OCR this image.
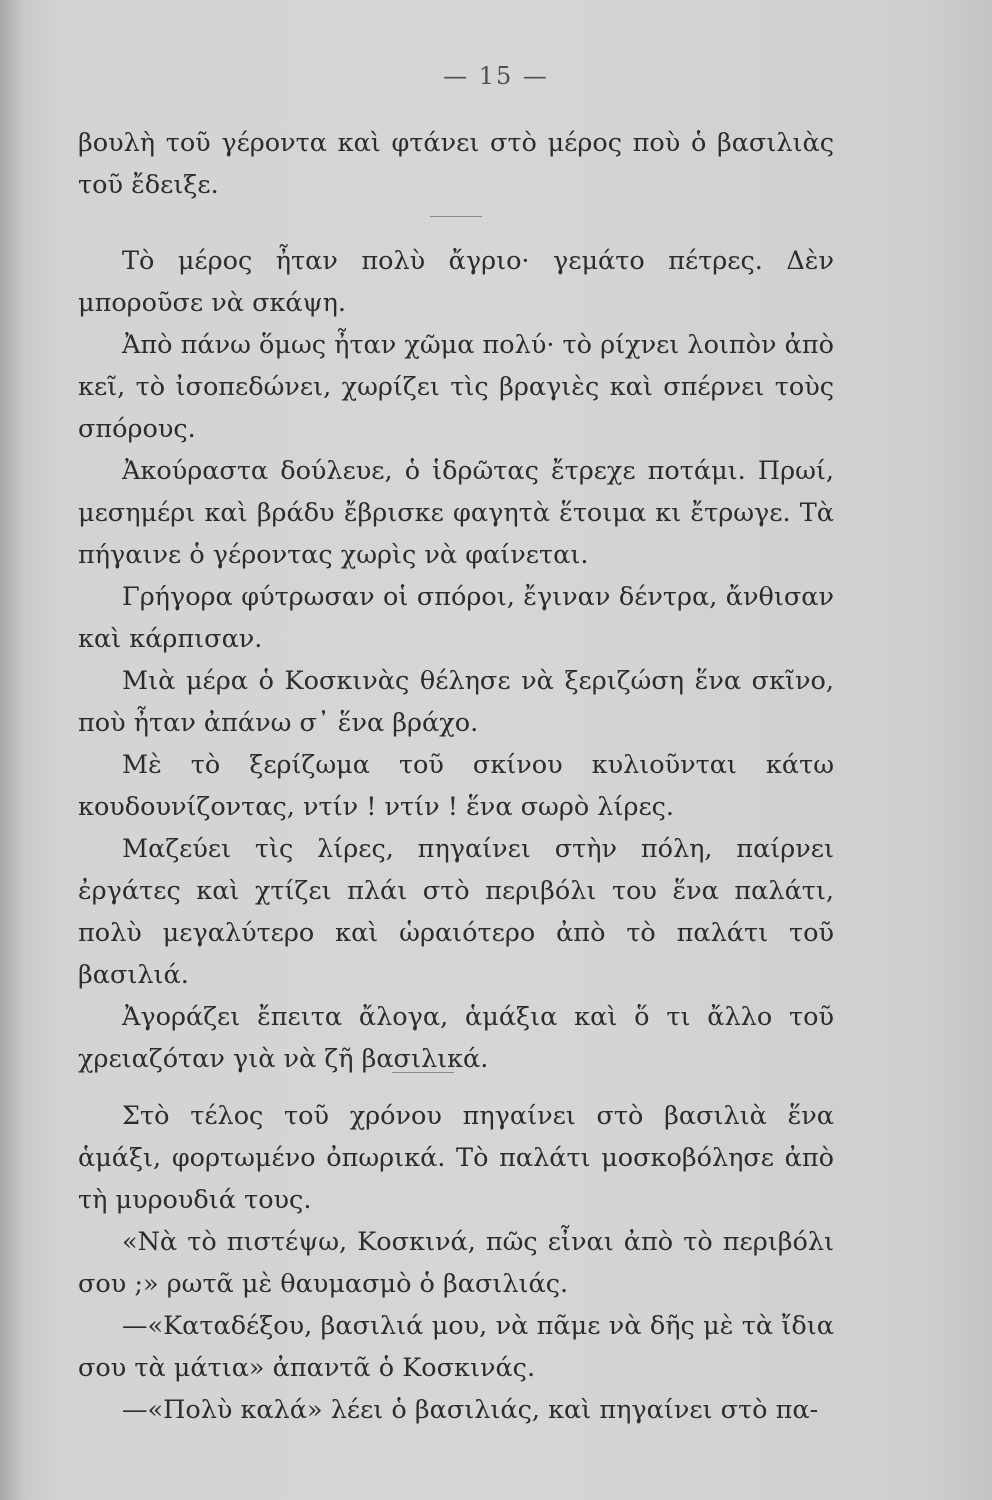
— 15 —

βουλὴ τοῦ γέροντα καὶ φτάνει στὸ μέρος ποὺ ὁ βασιλιὰς τοῦ ἔδειξε.

Τὸ μέρος ἦταν πολὺ ἄγριο· γεμάτο πέτρες. Δὲν μποροῦσε νὰ σκάψη.

Ἀπὸ πάνω ὅμως ἦταν χῶμα πολύ· τὸ ρίχνει λοιπὸν ἀπὸ κεῖ, τὸ ἰσοπεδώνει, χωρίζει τὶς βραγιὲς καὶ σπέρνει τοὺς σπόρους.

Ἀκούραστα δούλευε, ὁ ἱδρῶτας ἔτρεχε ποτάμι. Πρωί, μεσημέρι καὶ βράδυ ἔβρισκε φαγητὰ ἕτοιμα κι ἔτρωγε. Τὰ πήγαινε ὁ γέροντας χωρὶς νὰ φαίνεται.

Γρήγορα φύτρωσαν οἱ σπόροι, ἔγιναν δέντρα, ἄνθισαν καὶ κάρπισαν.

Μιὰ μέρα ὁ Κοσκινὰς θέλησε νὰ ξεριζώση ἕνα σκῖνο, ποὺ ἦταν ἀπάνω σ᾽ ἕνα βράχο.

Μὲ τὸ ξερίζωμα τοῦ σκίνου κυλιοῦνται κάτω κουδουνίζοντας, ντίν ! ντίν ! ἕνα σωρὸ λίρες.

Μαζεύει τὶς λίρες, πηγαίνει στὴν πόλη, παίρνει ἐργάτες καὶ χτίζει πλάι στὸ περιβόλι του ἕνα παλάτι, πολὺ μεγαλύτερο καὶ ὡραιότερο ἀπὸ τὸ παλάτι τοῦ βασιλιά.

Ἀγοράζει ἔπειτα ἄλογα, ἁμάξια καὶ ὅ τι ἄλλο τοῦ χρειαζόταν γιὰ νὰ ζῆ βασιλικά.

Στὸ τέλος τοῦ χρόνου πηγαίνει στὸ βασιλιὰ ἕνα ἁμάξι, φορτωμένο ὀπωρικά. Τὸ παλάτι μοσκοβόλησε ἀπὸ τὴ μυρουδιά τους.

«Νὰ τὸ πιστέψω, Κοσκινά, πῶς εἶναι ἀπὸ τὸ περιβόλι σου ;» ρωτᾶ μὲ θαυμασμὸ ὁ βασιλιάς.

—«Καταδέξου, βασιλιά μου, νὰ πᾶμε νὰ δῆς μὲ τὰ ἴδια σου τὰ μάτια» ἀπαντᾶ ὁ Κοσκινάς.

—«Πολὺ καλά» λέει ὁ βασιλιάς, καὶ πηγαίνει στὸ πα-
